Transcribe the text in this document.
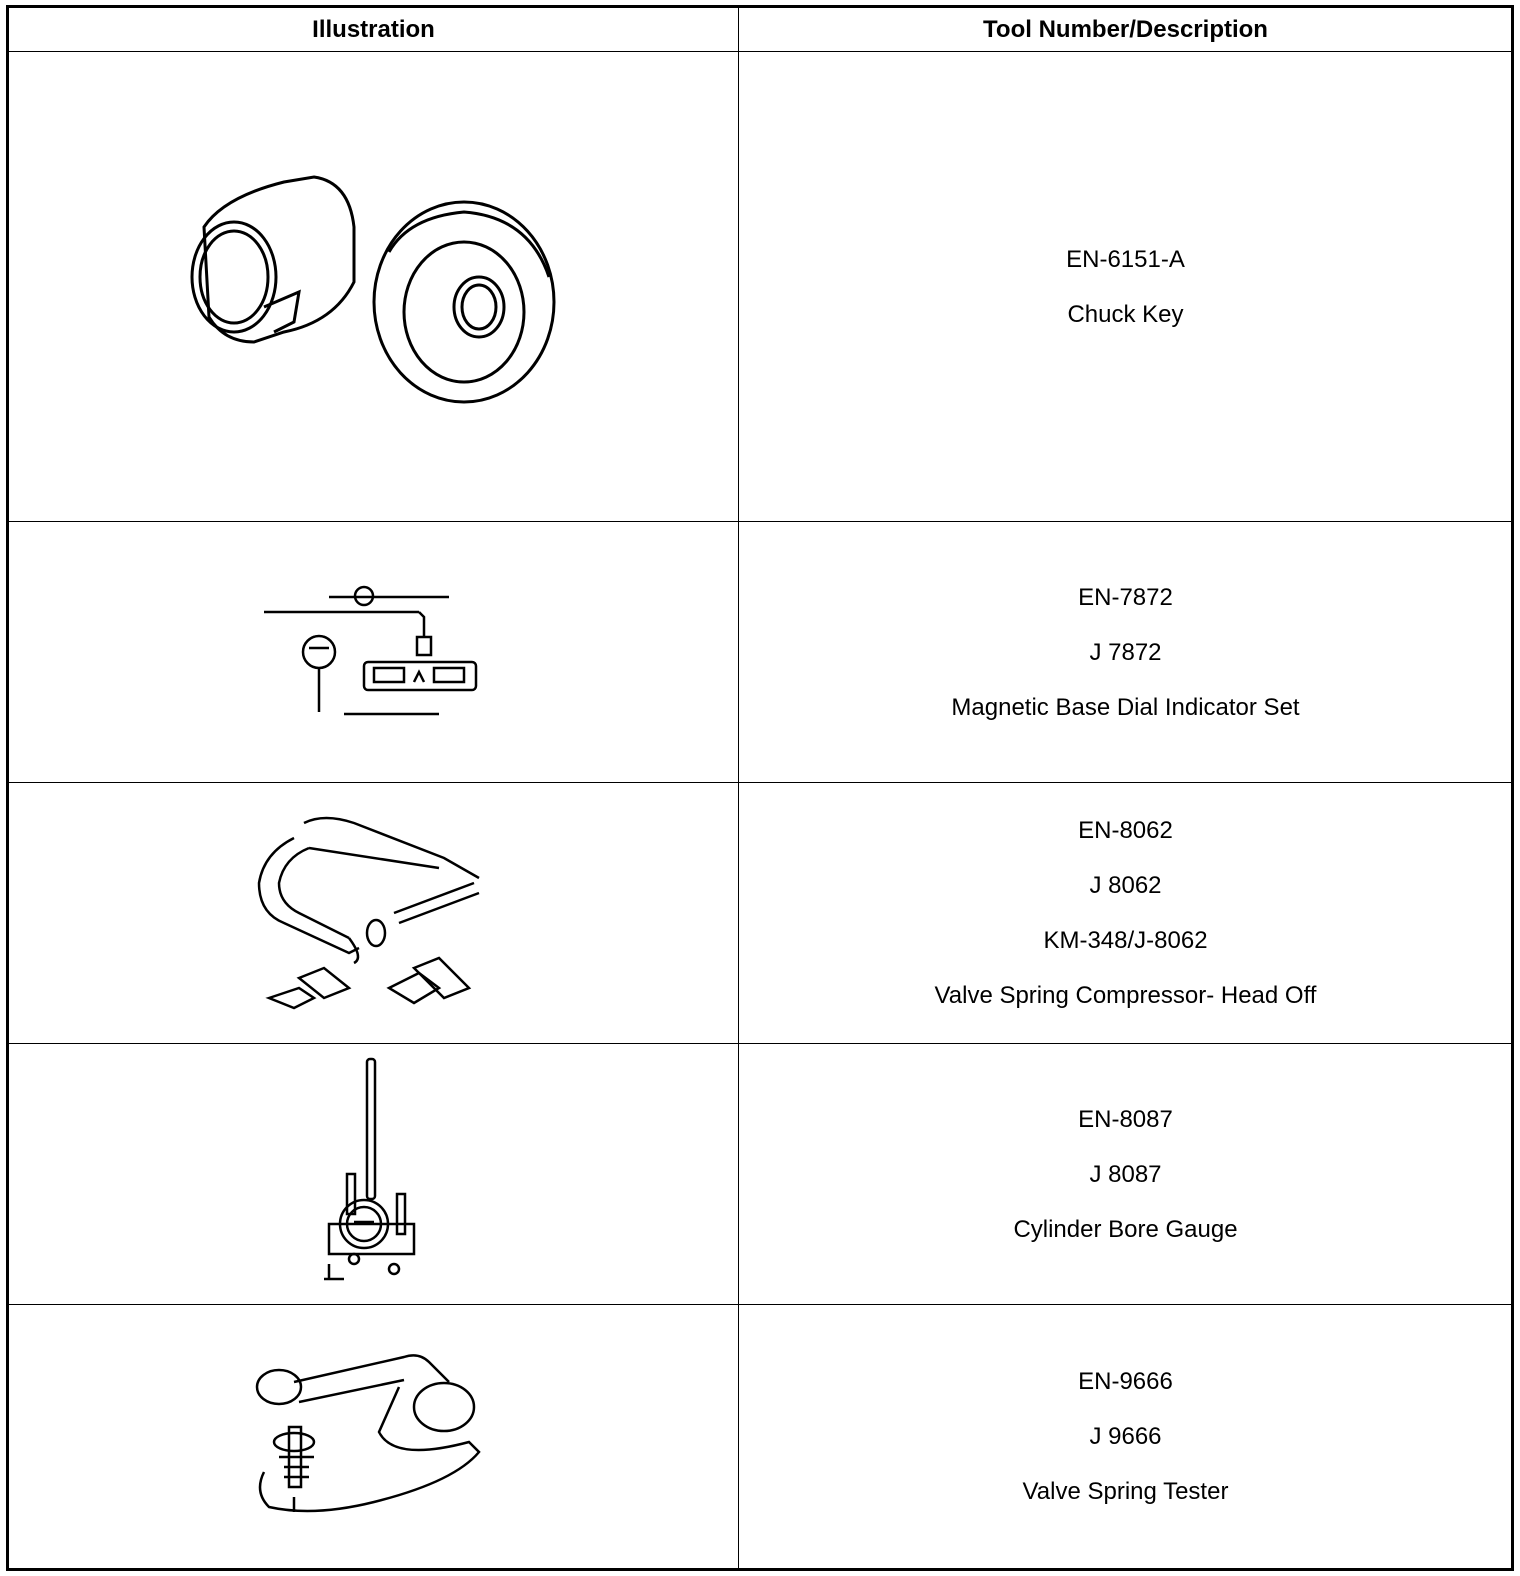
Illustration	Tool Number/Description
EN-6151-A
Chuck Key
EN-7872
J 7872
Magnetic Base Dial Indicator Set
EN-8062
J 8062
KM-348/J-8062
Valve Spring Compressor- Head Off
EN-8087
J 8087
Cylinder Bore Gauge
EN-9666
J 9666
Valve Spring Tester
